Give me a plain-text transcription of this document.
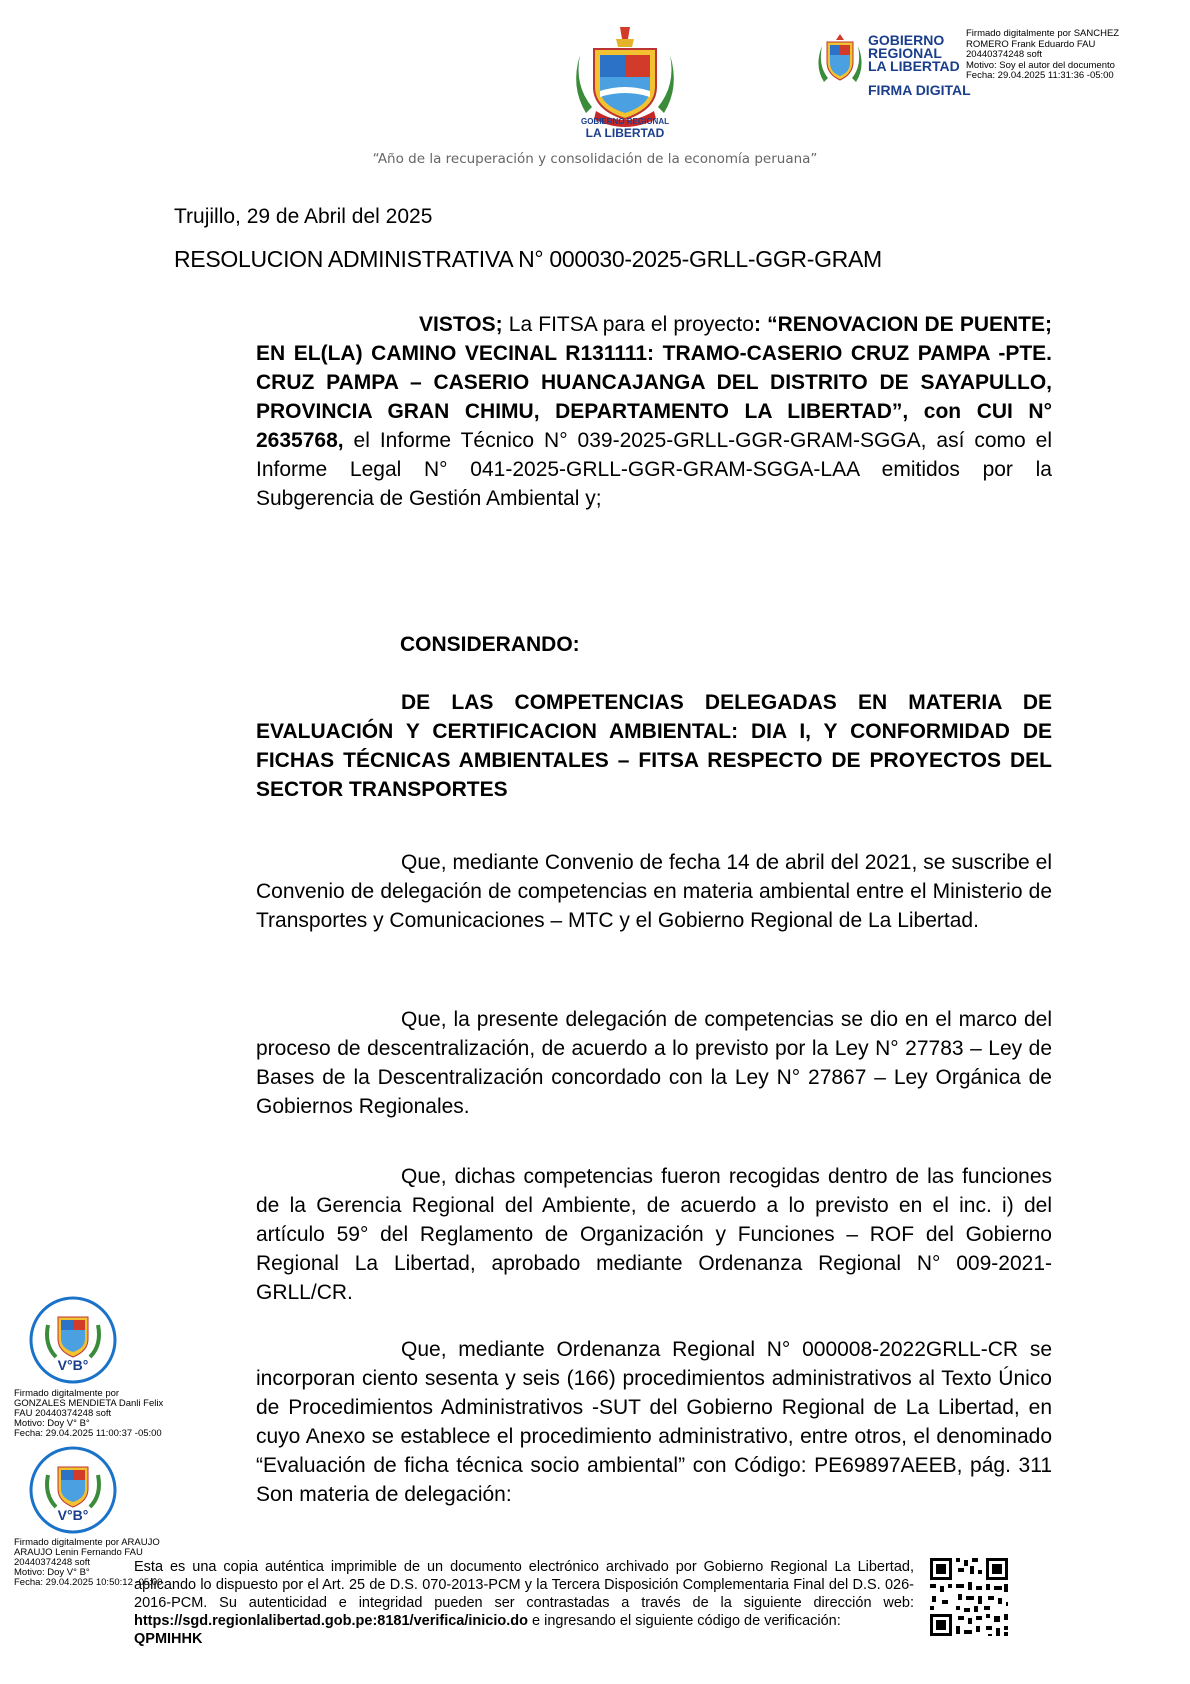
GOBIERNO REGIONAL
LA LIBERTAD
“Año de la recuperación y consolidación de la economía peruana”
GOBIERNO
REGIONAL
LA LIBERTAD
FIRMA DIGITAL
Firmado digitalmente por SANCHEZ
ROMERO Frank Eduardo FAU
20440374248 soft
Motivo: Soy el autor del documento
Fecha: 29.04.2025 11:31:36 -05:00
Trujillo, 29 de Abril del 2025
RESOLUCION ADMINISTRATIVA N° 000030-2025-GRLL-GGR-GRAM
VISTOS; La FITSA para el proyecto: “RENOVACION DE PUENTE; EN EL(LA) CAMINO VECINAL R131111: TRAMO-CASERIO CRUZ PAMPA -PTE. CRUZ PAMPA – CASERIO HUANCAJANGA DEL DISTRITO DE SAYAPULLO, PROVINCIA GRAN CHIMU, DEPARTAMENTO LA LIBERTAD”, con CUI N° 2635768, el Informe Técnico N° 039-2025-GRLL-GGR-GRAM-SGGA, así como el Informe Legal N° 041-2025-GRLL-GGR-GRAM-SGGA-LAA emitidos por la Subgerencia de Gestión Ambiental y;
CONSIDERANDO:
DE LAS COMPETENCIAS DELEGADAS EN MATERIA DE EVALUACIÓN Y CERTIFICACION AMBIENTAL: DIA I, Y CONFORMIDAD DE FICHAS TÉCNICAS AMBIENTALES – FITSA RESPECTO DE PROYECTOS DEL SECTOR TRANSPORTES
Que, mediante Convenio de fecha 14 de abril del 2021, se suscribe el Convenio de delegación de competencias en materia ambiental entre el Ministerio de Transportes y Comunicaciones – MTC y el Gobierno Regional de La Libertad.
Que, la presente delegación de competencias se dio en el marco del proceso de descentralización, de acuerdo a lo previsto por la Ley N° 27783 – Ley de Bases de la Descentralización concordado con la Ley N° 27867 – Ley Orgánica de Gobiernos Regionales.
Que, dichas competencias fueron recogidas dentro de las funciones de la Gerencia Regional del Ambiente, de acuerdo a lo previsto en el inc. i) del artículo 59° del Reglamento de Organización y Funciones – ROF del Gobierno Regional La Libertad, aprobado mediante Ordenanza Regional N° 009-2021-GRLL/CR.
Que, mediante Ordenanza Regional N° 000008-2022GRLL-CR se incorporan ciento sesenta y seis (166) procedimientos administrativos al Texto Único de Procedimientos Administrativos -SUT del Gobierno Regional de La Libertad, en cuyo Anexo se establece el procedimiento administrativo, entre otros, el denominado “Evaluación de ficha técnica socio ambiental” con Código: PE69897AEEB, pág. 311 Son materia de delegación:
V°B°
Firmado digitalmente por
GONZALES MENDIETA Danli Felix
FAU 20440374248 soft
Motivo: Doy V° B°
Fecha: 29.04.2025 11:00:37 -05:00
V°B°
Firmado digitalmente por ARAUJO
ARAUJO Lenin Fernando FAU
20440374248 soft
Motivo: Doy V° B°
Fecha: 29.04.2025 10:50:12 -05:00
Esta es una copia auténtica imprimible de un documento electrónico archivado por Gobierno Regional La Libertad, aplicando lo dispuesto por el Art. 25 de D.S. 070-2013-PCM y la Tercera Disposición Complementaria Final del D.S. 026- 2016-PCM. Su autenticidad e integridad pueden ser contrastadas a través de la siguiente dirección web: https://sgd.regionlalibertad.gob.pe:8181/verifica/inicio.do e ingresando el siguiente código de verificación:
QPMIHHK
